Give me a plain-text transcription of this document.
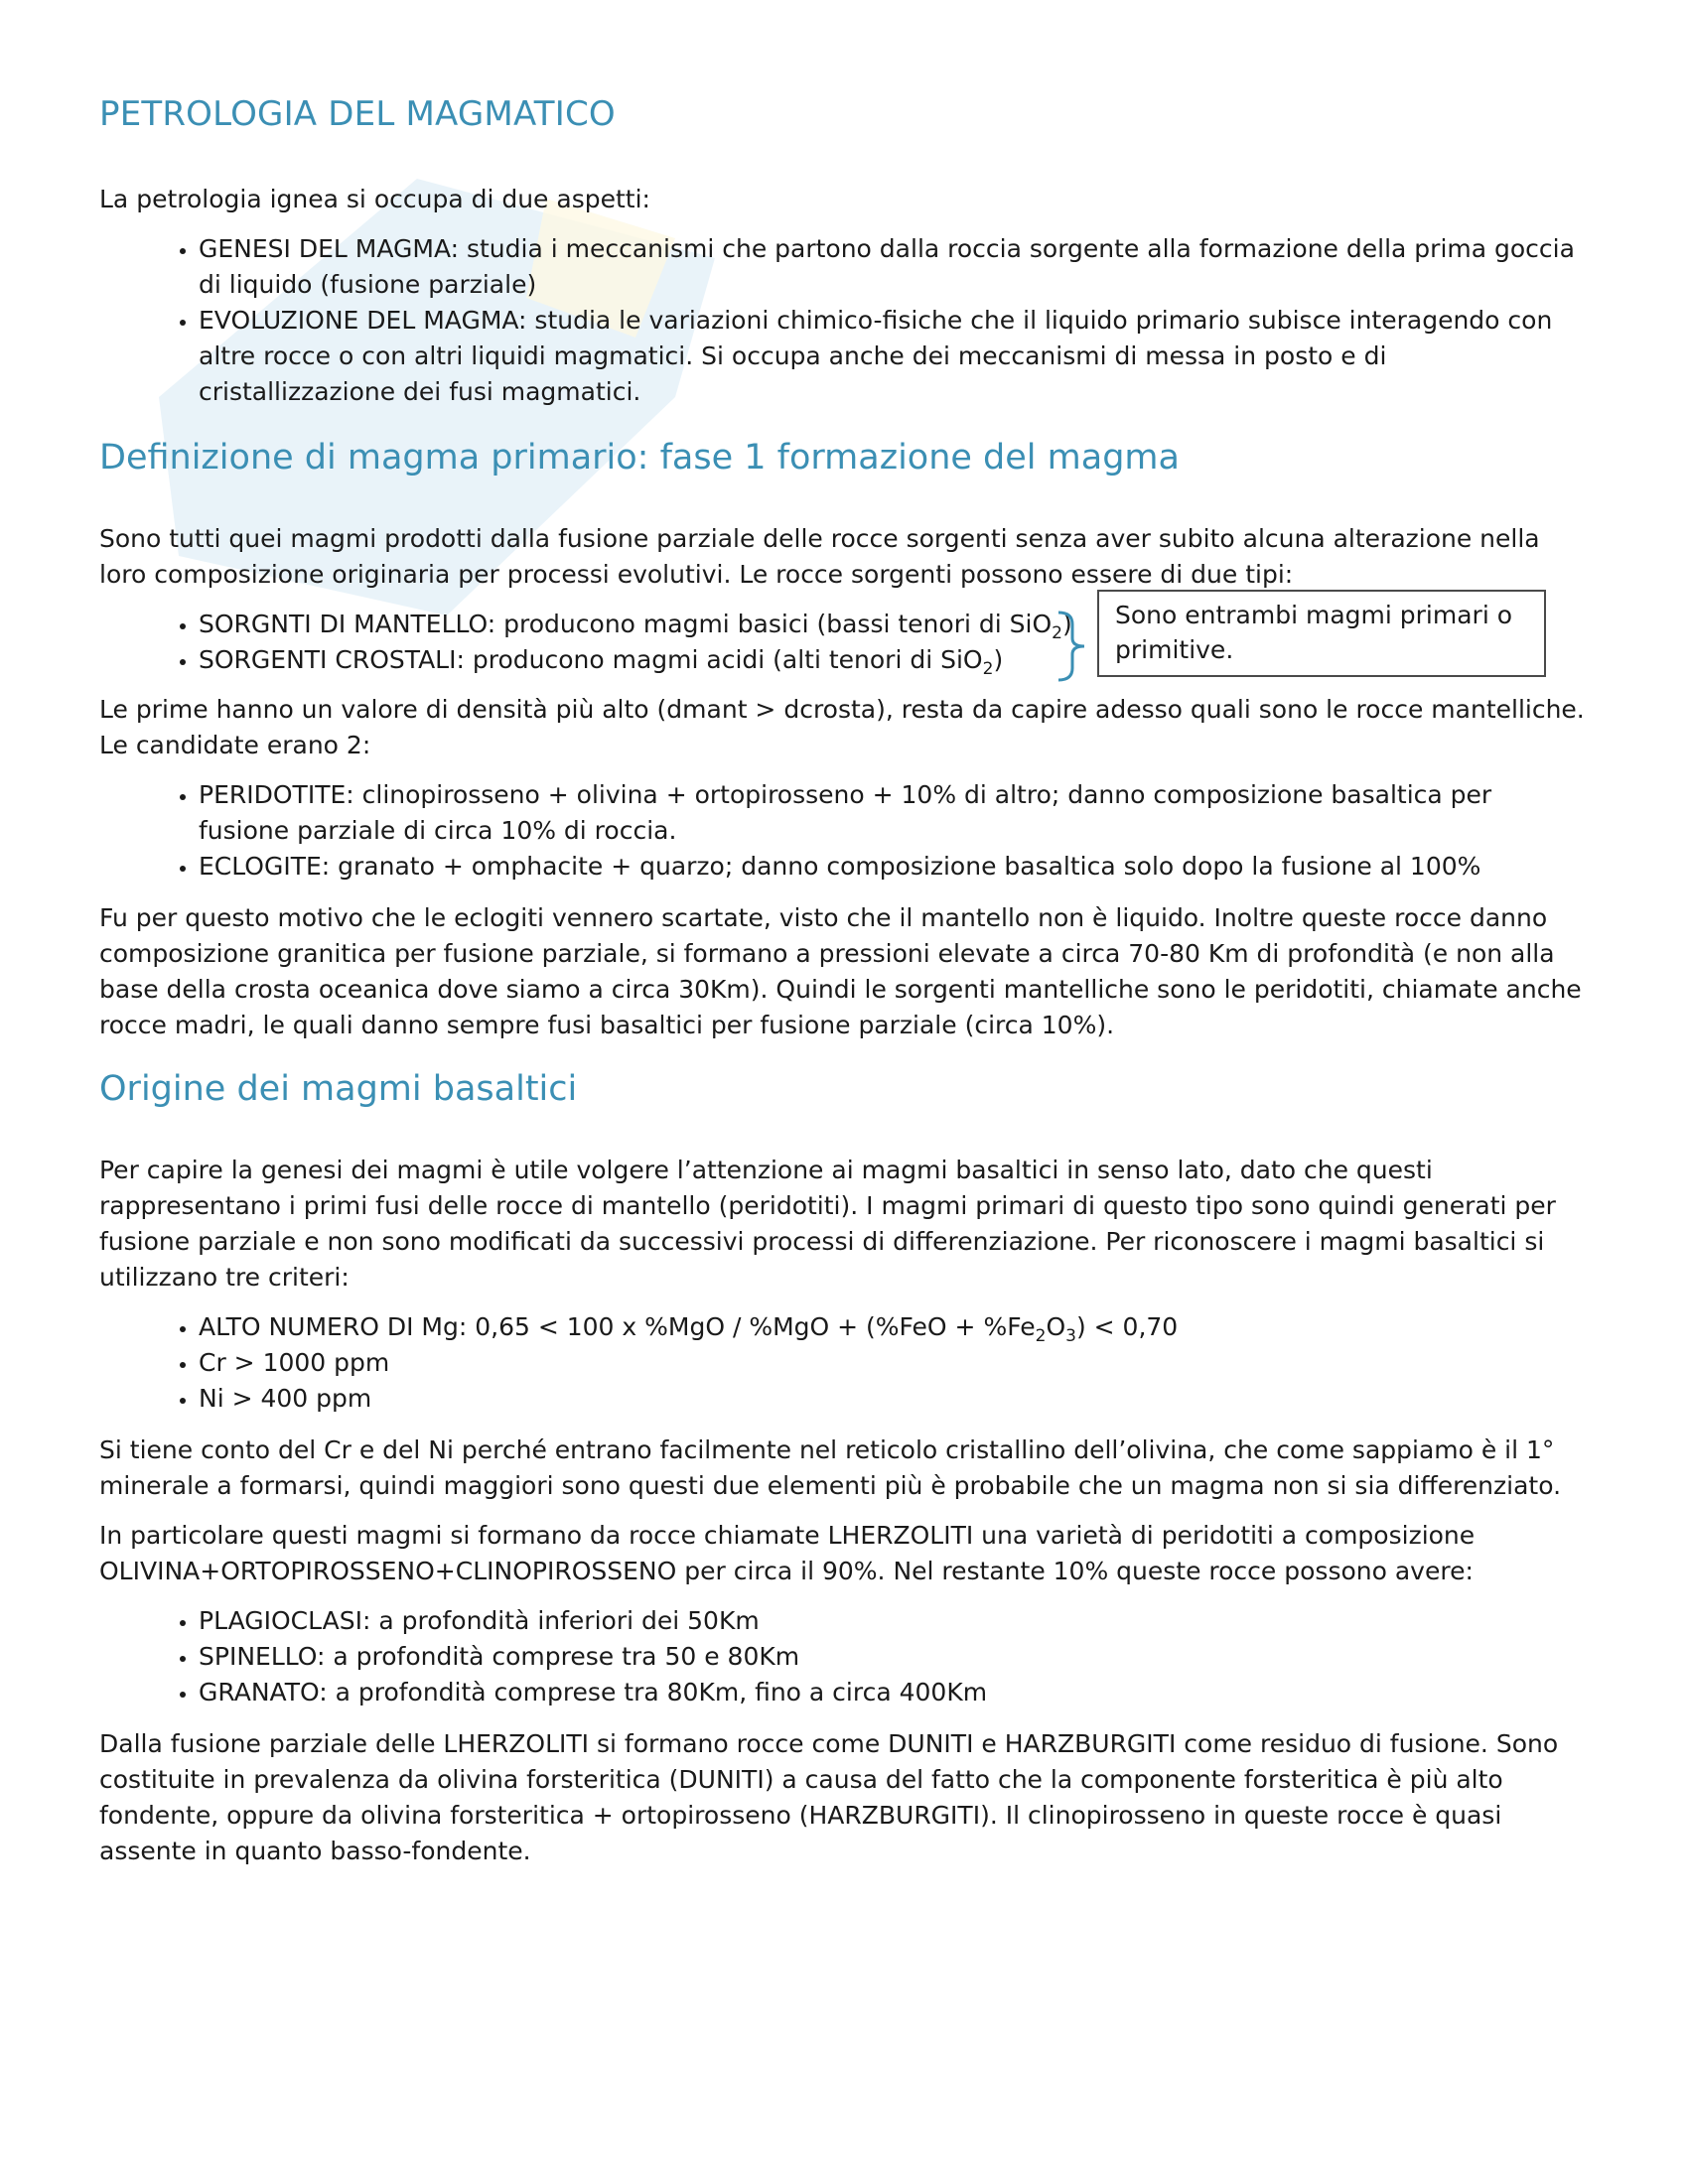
PETROLOGIA DEL MAGMATICO

La petrologia ignea si occupa di due aspetti:

• GENESI DEL MAGMA: studia i meccanismi che partono dalla roccia sorgente alla formazione della prima goccia di liquido (fusione parziale)
• EVOLUZIONE DEL MAGMA: studia le variazioni chimico-fisiche che il liquido primario subisce interagendo con altre rocce o con altri liquidi magmatici. Si occupa anche dei meccanismi di messa in posto e di cristallizzazione dei fusi magmatici.
Definizione di magma primario: fase 1 formazione del magma

Sono tutti quei magmi prodotti dalla fusione parziale delle rocce sorgenti senza aver subito alcuna alterazione nella loro composizione originaria per processi evolutivi. Le rocce sorgenti possono essere di due tipi:

• SORGNTI DI MANTELLO: producono magmi basici (bassi tenori di SiO$_2$)
• SORGENTI CROSTALI: producono magmi acidi (alti tenori di SiO$_2$)
Sono entrambi magmi primari o primitive.

Le prime hanno un valore di densità più alto (dmant > dcrosta), resta da capire adesso quali sono le rocce mantelliche. Le candidate erano 2:

• PERIDOTITE: clinopirosseno + olivina + ortopirosseno + 10% di altro; danno composizione basaltica per fusione parziale di circa 10% di roccia.
• ECLOGITE: granato + omphacite + quarzo; danno composizione basaltica solo dopo la fusione al 100%

Fu per questo motivo che le eclogiti vennero scartate, visto che il mantello non è liquido. Inoltre queste rocce danno composizione granitica per fusione parziale, si formano a pressioni elevate a circa 70-80 Km di profondità (e non alla base della crosta oceanica dove siamo a circa 30Km). Quindi le sorgenti mantelliche sono le peridotiti, chiamate anche rocce madri, le quali danno sempre fusi basaltici per fusione parziale (circa 10%).

Origine dei magmi basaltici

Per capire la genesi dei magmi è utile volgere l’attenzione ai magmi basaltici in senso lato, dato che questi rappresentano i primi fusi delle rocce di mantello (peridotiti). I magmi primari di questo tipo sono quindi generati per fusione parziale e non sono modificati da successivi processi di differenziazione. Per riconoscere i magmi basaltici si utilizzano tre criteri:

• ALTO NUMERO DI Mg: 0,65 < 100 x $\%MgO / \%MgO + (\%FeO + \%Fe_2O_3) < 0,70$
• Cr > 1000 ppm
• Ni > 400 ppm

Si tiene conto del Cr e del Ni perché entrano facilmente nel reticolo cristallino dell’olivina, che come sappiamo è il 1° minerale a formarsi, quindi maggiori sono questi due elementi più è probabile che un magma non si sia differenziato.

In particolare questi magmi si formano da rocce chiamate LHERZOLITI una varietà di peridotiti a composizione OLIVINA+ORTOPIROSSENO+CLINOPIROSSENO per circa il 90%. Nel restante 10% queste rocce possono avere:

• PLAGIOCLASI: a profondità inferiori dei 50Km
• SPINELLO: a profondità comprese tra 50 e 80Km
• GRANATO: a profondità comprese tra 80Km, fino a circa 400Km

Dalla fusione parziale delle LHERZOLITI si formano rocce come DUNITI e HARZBURGITI come residuo di fusione. Sono costituite in prevalenza da olivina forsteritica (DUNITI) a causa del fatto che la componente forsteritica è più alto fondente, oppure da olivina forsteritica + ortopirosseno (HARZBURGITI). Il clinopirosseno in queste rocce è quasi assente in quanto basso-fondente.
